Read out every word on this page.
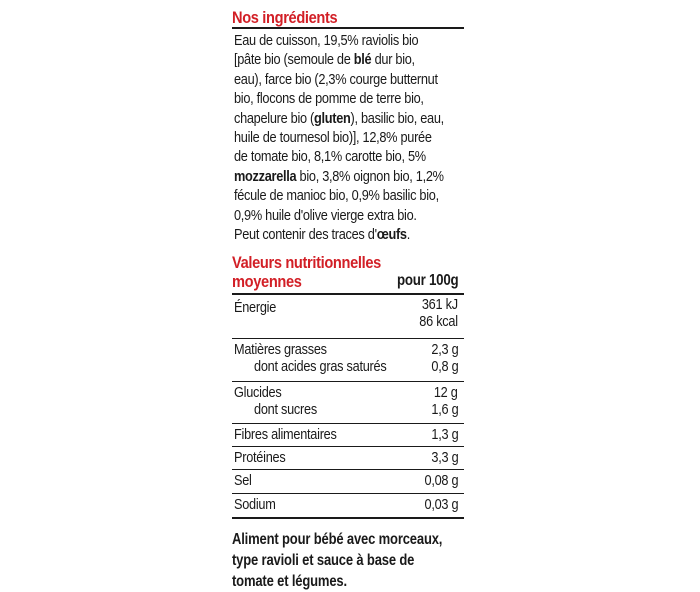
Nos ingrédients
Eau de cuisson, 19,5% raviolis bio
[pâte bio (semoule de blé dur bio,
eau), farce bio (2,3% courge butternut
bio, flocons de pomme de terre bio,
chapelure bio (gluten), basilic bio, eau,
huile de tournesol bio)], 12,8% purée
de tomate bio, 8,1% carotte bio, 5%
mozzarella bio, 3,8% oignon bio, 1,2%
fécule de manioc bio, 0,9% basilic bio,
0,9% huile d'olive vierge extra bio.
Peut contenir des traces d'œufs.
Valeurs nutritionnelles
moyennes	pour 100g
Énergie	361 kJ
86 kcal
Matières grasses	2,3 g
dont acides gras saturés	0,8 g
Glucides	12 g
dont sucres	1,6 g
Fibres alimentaires	1,3 g
Protéines	3,3 g
Sel	0,08 g
Sodium	0,03 g
Aliment pour bébé avec morceaux,
type ravioli et sauce à base de
tomate et légumes.
